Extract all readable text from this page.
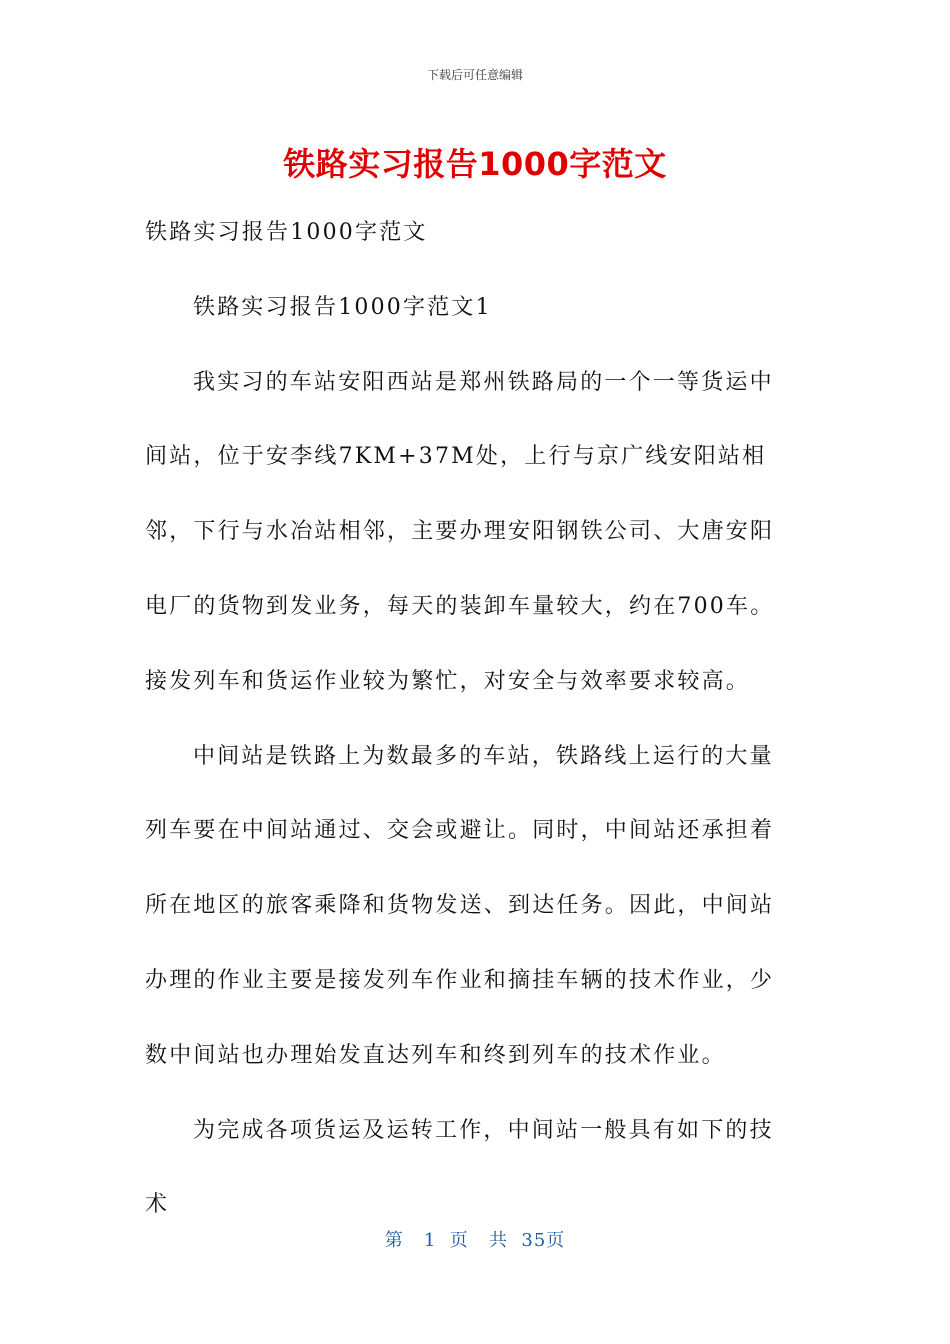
下载后可任意编辑
铁路实习报告1000字范文

铁路实习报告1000字范文

铁路实习报告1000字范文1

我实习的车站安阳西站是郑州铁路局的一个一等货运中间站，位于安李线7KM+37M处，上行与京广线安阳站相邻，下行与水冶站相邻，主要办理安阳钢铁公司、大唐安阳电厂的货物到发业务，每天的装卸车量较大，约在700车。接发列车和货运作业较为繁忙，对安全与效率要求较高。

中间站是铁路上为数最多的车站，铁路线上运行的大量列车要在中间站通过、交会或避让。同时，中间站还承担着所在地区的旅客乘降和货物发送、到达任务。因此，中间站办理的作业主要是接发列车作业和摘挂车辆的技术作业，少数中间站也办理始发直达列车和终到列车的技术作业。

为完成各项货运及运转工作，中间站一般具有如下的技术

第 1 页 共 35页
